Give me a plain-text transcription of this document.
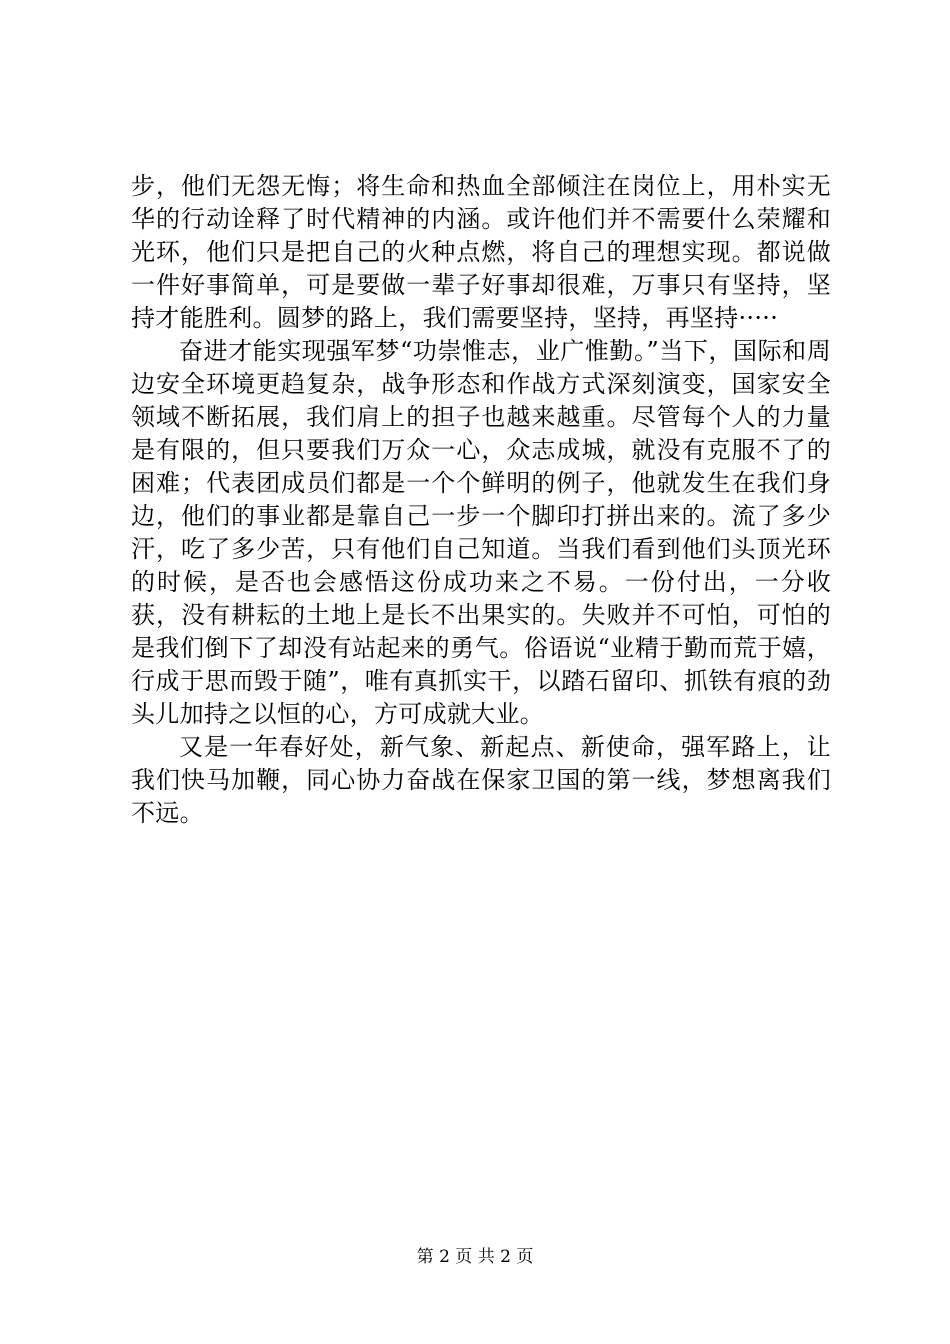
步，他们无怨无悔；将生命和热血全部倾注在岗位上，用朴实无华的行动诠释了时代精神的内涵。或许他们并不需要什么荣耀和光环，他们只是把自己的火种点燃，将自己的理想实现。都说做一件好事简单，可是要做一辈子好事却很难，万事只有坚持，坚持才能胜利。圆梦的路上，我们需要坚持，坚持，再坚持·····

奋进才能实现强军梦“功崇惟志，业广惟勤。”当下，国际和周边安全环境更趋复杂，战争形态和作战方式深刻演变，国家安全领域不断拓展，我们肩上的担子也越来越重。尽管每个人的力量是有限的，但只要我们万众一心，众志成城，就没有克服不了的困难；代表团成员们都是一个个鲜明的例子，他就发生在我们身边，他们的事业都是靠自己一步一个脚印打拼出来的。流了多少汗，吃了多少苦，只有他们自己知道。当我们看到他们头顶光环的时候，是否也会感悟这份成功来之不易。一份付出，一分收获，没有耕耘的土地上是长不出果实的。失败并不可怕，可怕的是我们倒下了却没有站起来的勇气。俗语说“业精于勤而荒于嬉，行成于思而毁于随”，唯有真抓实干，以踏石留印、抓铁有痕的劲头儿加持之以恒的心，方可成就大业。

又是一年春好处，新气象、新起点、新使命，强军路上，让我们快马加鞭，同心协力奋战在保家卫国的第一线，梦想离我们不远。

第 2 页 共 2 页
